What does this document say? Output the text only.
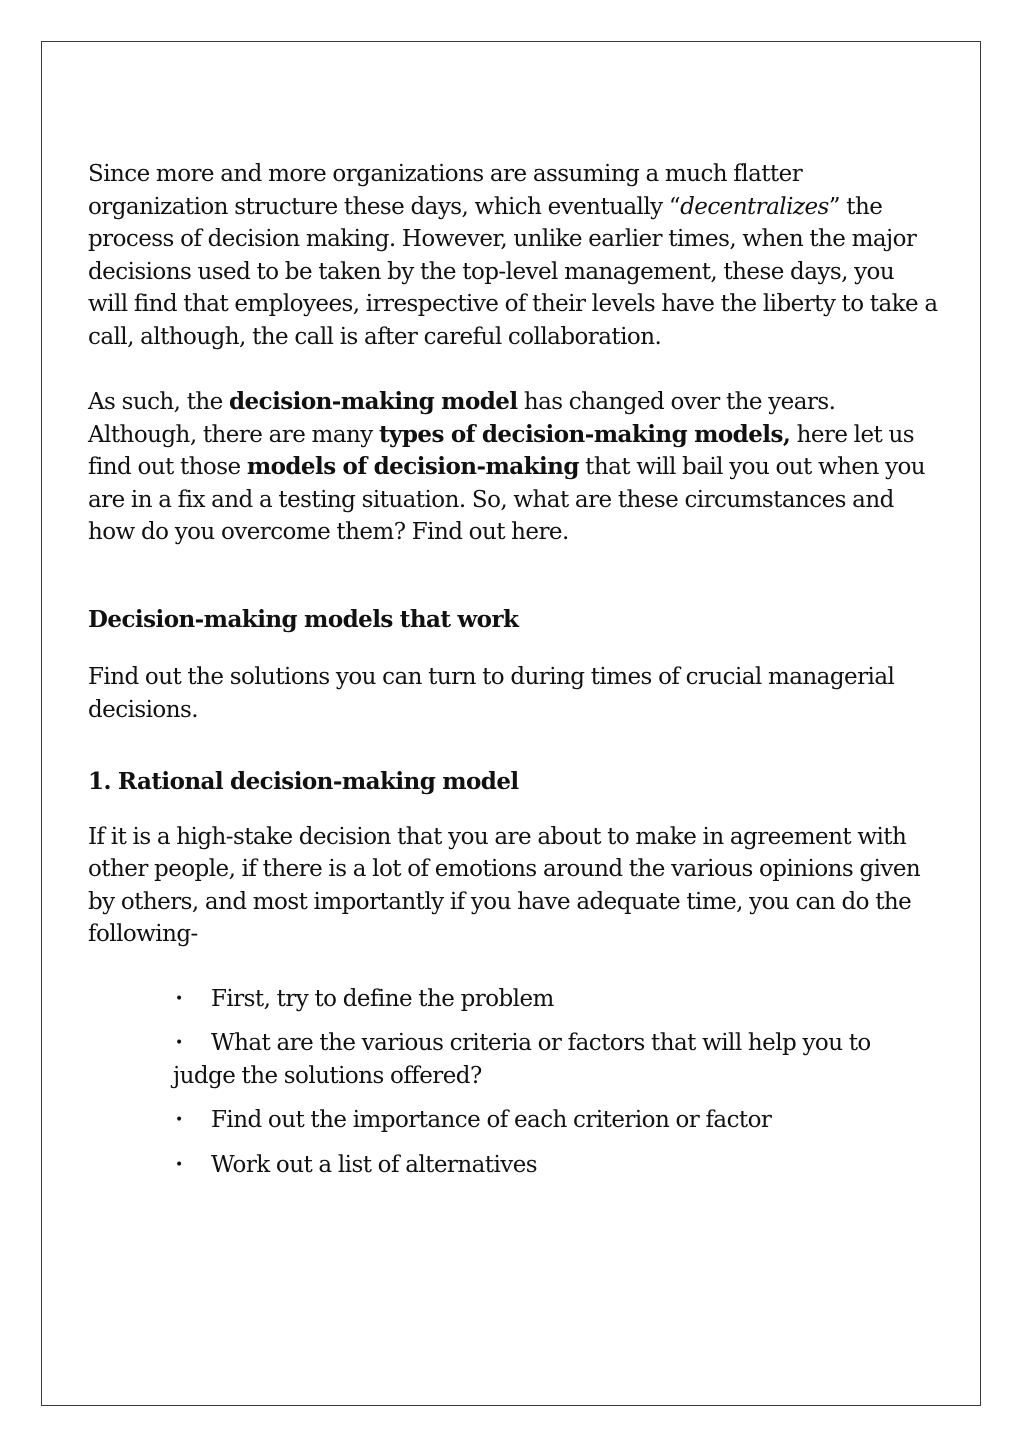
Since more and more organizations are assuming a much flatter organization structure these days, which eventually “decentralizes” the process of decision making. However, unlike earlier times, when the major decisions used to be taken by the top-level management, these days, you will find that employees, irrespective of their levels have the liberty to take a call, although, the call is after careful collaboration.

As such, the decision-making model has changed over the years. Although, there are many types of decision-making models, here let us find out those models of decision-making that will bail you out when you are in a fix and a testing situation. So, what are these circumstances and how do you overcome them? Find out here.

Decision-making models that work

Find out the solutions you can turn to during times of crucial managerial decisions.

1. Rational decision-making model

If it is a high-stake decision that you are about to make in agreement with other people, if there is a lot of emotions around the various opinions given by others, and most importantly if you have adequate time, you can do the following-

• First, try to define the problem
• What are the various criteria or factors that will help you to judge the solutions offered?
• Find out the importance of each criterion or factor
• Work out a list of alternatives
